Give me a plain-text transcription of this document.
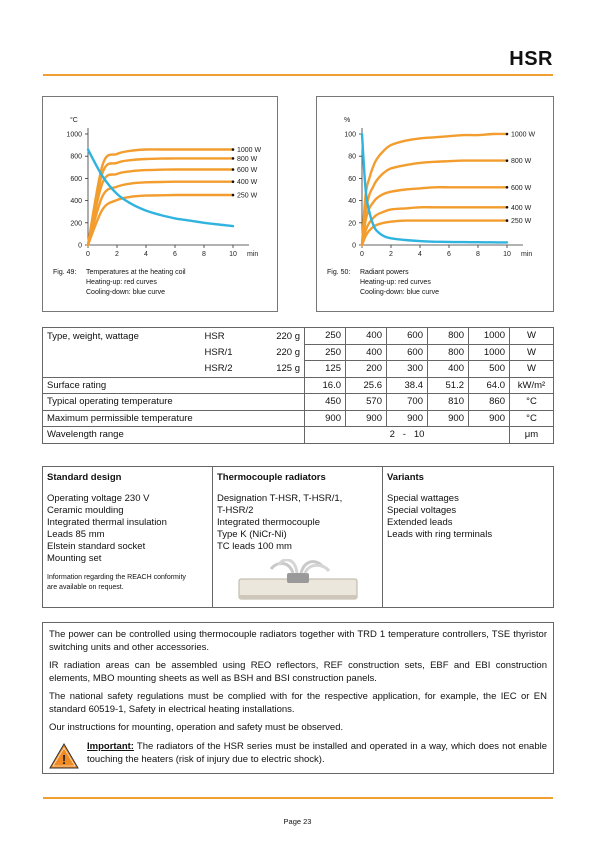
HSR
°C
min
0
200
400
600
800
1000
0	2	4	6	8	10
1000 W
800 W
600 W
400 W
250 W
Fig. 49: Temperatures at the heating coil
Heating-up: red curves
Cooling-down: blue curve
%
min
0
20
40
60
80
100
0	2	4	6	8	10
1000 W
800 W
600 W
400 W
250 W
Fig. 50: Radiant powers
Heating-up: red curves
Cooling-down: blue curve
Type, weight, wattage	HSR	220 g	250	400	600	800	1000	W
	HSR/1	220 g	250	400	600	800	1000	W
	HSR/2	125 g	125	200	300	400	500	W
Surface rating			16.0	25.6	38.4	51.2	64.0	kW/m²
Typical operating temperature			450	570	700	810	860	°C
Maximum permissible temperature			900	900	900	900	900	°C
Wavelength range			2   -   10					μm
Standard design
Operating voltage 230 V
Ceramic moulding
Integrated thermal insulation
Leads 85 mm
Elstein standard socket
Mounting set
Information regarding the REACH conformity
are available on request.
Thermocouple radiators
Designation T-HSR, T-HSR/1,
T-HSR/2
Integrated thermocouple
Type K (NiCr-Ni)
TC leads 100 mm
Variants
Special wattages
Special voltages
Extended leads
Leads with ring terminals

The power can be controlled using thermocouple radiators together with TRD 1 temperature controllers, TSE thyristor switching units and other accessories.

IR radiation areas can be assembled using REO reflectors, REF construction sets, EBF and EBI construction elements, MBO mounting sheets as well as BSH and BSI construction panels.

The national safety regulations must be complied with for the respective application, for example, the IEC or EN standard 60519-1, Safety in electrical heating installations.

Our instructions for mounting, operation and safety must be observed.

!
Important: The radiators of the HSR series must be installed and operated in a way, which does not enable touching the heaters (risk of injury due to electric shock).
Page 23
